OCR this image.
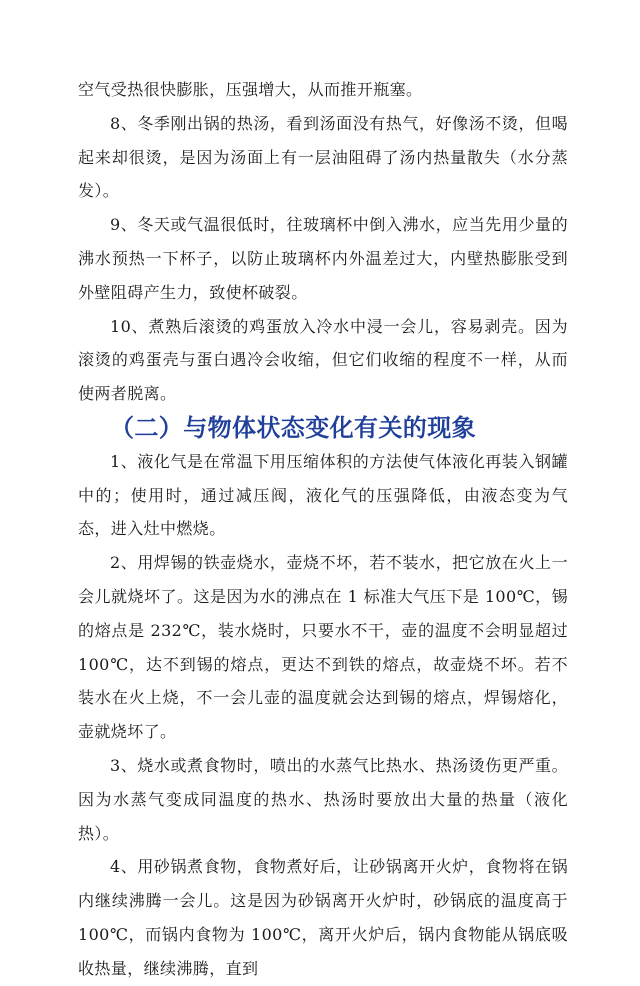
空气受热很快膨胀，压强增大，从而推开瓶塞。

8、冬季刚出锅的热汤，看到汤面没有热气，好像汤不烫，但喝起来却很烫，是因为汤面上有一层油阻碍了汤内热量散失（水分蒸发）。

9、冬天或气温很低时，往玻璃杯中倒入沸水，应当先用少量的沸水预热一下杯子，以防止玻璃杯内外温差过大，内壁热膨胀受到外壁阻碍产生力，致使杯破裂。

10、煮熟后滚烫的鸡蛋放入冷水中浸一会儿，容易剥壳。因为滚烫的鸡蛋壳与蛋白遇冷会收缩，但它们收缩的程度不一样，从而使两者脱离。

（二）与物体状态变化有关的现象

1、液化气是在常温下用压缩体积的方法使气体液化再装入钢罐中的；使用时，通过减压阀，液化气的压强降低，由液态变为气态，进入灶中燃烧。

2、用焊锡的铁壶烧水，壶烧不坏，若不装水，把它放在火上一会儿就烧坏了。这是因为水的沸点在 1 标准大气压下是 100℃，锡的熔点是 232℃，装水烧时，只要水不干，壶的温度不会明显超过 100℃，达不到锡的熔点，更达不到铁的熔点，故壶烧不坏。若不装水在火上烧，不一会儿壶的温度就会达到锡的熔点，焊锡熔化，壶就烧坏了。

3、烧水或煮食物时，喷出的水蒸气比热水、热汤烫伤更严重。因为水蒸气变成同温度的热水、热汤时要放出大量的热量（液化热）。

4、用砂锅煮食物，食物煮好后，让砂锅离开火炉，食物将在锅内继续沸腾一会儿。这是因为砂锅离开火炉时，砂锅底的温度高于 100℃，而锅内食物为 100℃，离开火炉后，锅内食物能从锅底吸收热量，继续沸腾，直到
